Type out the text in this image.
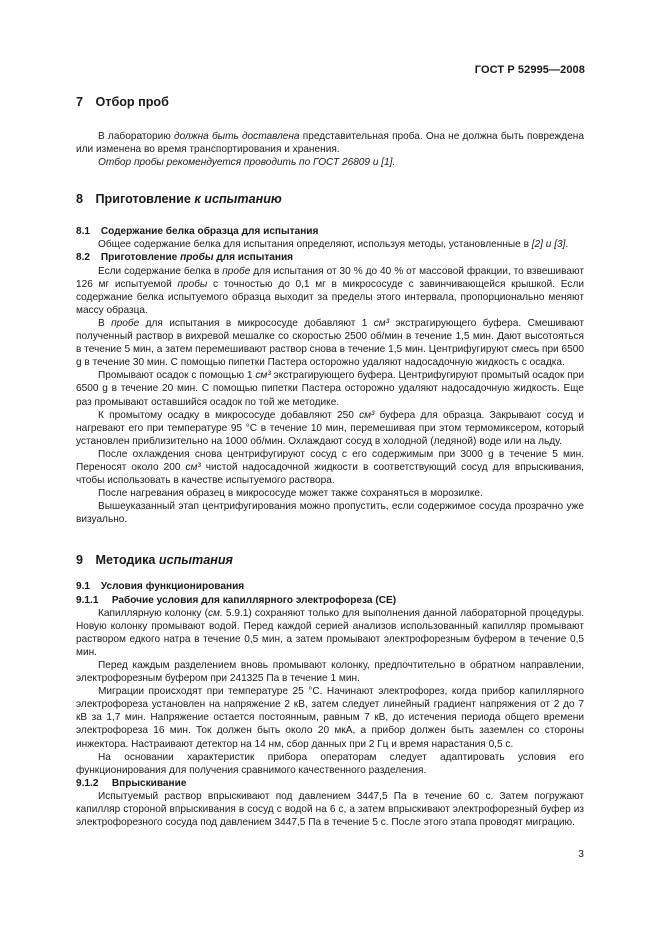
ГОСТ Р 52995—2008

7 Отбор проб

В лабораторию должна быть доставлена представительная проба. Она не должна быть повреждена или изменена во время транспортирования и хранения.

Отбор пробы рекомендуется проводить по ГОСТ 26809 и [1].

8 Приготовление к испытанию

8.1 Содержание белка образца для испытания

Общее содержание белка для испытания определяют, используя методы, установленные в [2] и [3].

8.2 Приготовление пробы для испытания

Если содержание белка в пробе для испытания от 30 % до 40 % от массовой фракции, то взвешивают 126 мг испытуемой пробы с точностью до 0,1 мг в микрососуде с завинчивающейся крышкой. Если содержание белка испытуемого образца выходит за пределы этого интервала, пропорционально меняют массу образца.

В пробе для испытания в микрососуде добавляют 1 см³ экстрагирующего буфера. Смешивают полученный раствор в вихревой мешалке со скоростью 2500 об/мин в течение 1,5 мин. Дают высотояться в течение 5 мин, а затем перемешивают раствор снова в течение 1,5 мин. Центрифугируют смесь при 6500 g в течение 30 мин. С помощью пипетки Пастера осторожно удаляют надосадочную жидкость с осадка.

Промывают осадок с помощью 1 см³ экстрагирующего буфера. Центрифугируют промытый осадок при 6500 g в течение 20 мин. С помощью пипетки Пастера осторожно удаляют надосадочную жидкость. Еще раз промывают оставшийся осадок по той же методике.

К промытому осадку в микрососуде добавляют 250 см³ буфера для образца. Закрывают сосуд и нагревают его при температуре 95 °С в течение 10 мин, перемешивая при этом термомиксером, который установлен приблизительно на 1000 об/мин. Охлаждают сосуд в холодной (ледяной) воде или на льду.

После охлаждения снова центрифугируют сосуд с его содержимым при 3000 g в течение 5 мин. Переносят около 200 см³ чистой надосадочной жидкости в соответствующий сосуд для впрыскивания, чтобы использовать в качестве испытуемого раствора.

После нагревания образец в микрососуде может также сохраняться в морозилке.

Вышеуказанный этап центрифугирования можно пропустить, если содержимое сосуда прозрачно уже визуально.

9 Методика испытания

9.1 Условия функционирования

9.1.1 Рабочие условия для капиллярного электрофореза (СЕ)

Капиллярную колонку (см. 5.9.1) сохраняют только для выполнения данной лабораторной процедуры. Новую колонку промывают водой. Перед каждой серией анализов использованный капилляр промывают раствором едкого натра в течение 0,5 мин, а затем промывают электрофорезным буфером в течение 0,5 мин.

Перед каждым разделением вновь промывают колонку, предпочтительно в обратном направлении, электрофорезным буфером при 241325 Па в течение 1 мин.

Миграции происходят при температуре 25 °С. Начинают электрофорез, когда прибор капиллярного электрофореза установлен на напряжение 2 кВ, затем следует линейный градиент напряжения от 2 до 7 кВ за 1,7 мин. Напряжение остается постоянным, равным 7 кВ, до истечения периода общего времени электрофореза 16 мин. Ток должен быть около 20 мкА, а прибор должен быть заземлен со стороны инжектора. Настраивают детектор на 14 нм, сбор данных при 2 Гц и время нарастания 0,5 с.

На основании характеристик прибора операторам следует адаптировать условия его функционирования для получения сравнимого качественного разделения.

9.1.2 Впрыскивание

Испытуемый раствор впрыскивают под давлением 3447,5 Па в течение 60 с. Затем погружают капилляр стороной впрыскивания в сосуд с водой на 6 с, а затем впрыскивают электрофорезный буфер из электрофорезного сосуда под давлением 3447,5 Па в течение 5 с. После этого этапа проводят миграцию.

3
